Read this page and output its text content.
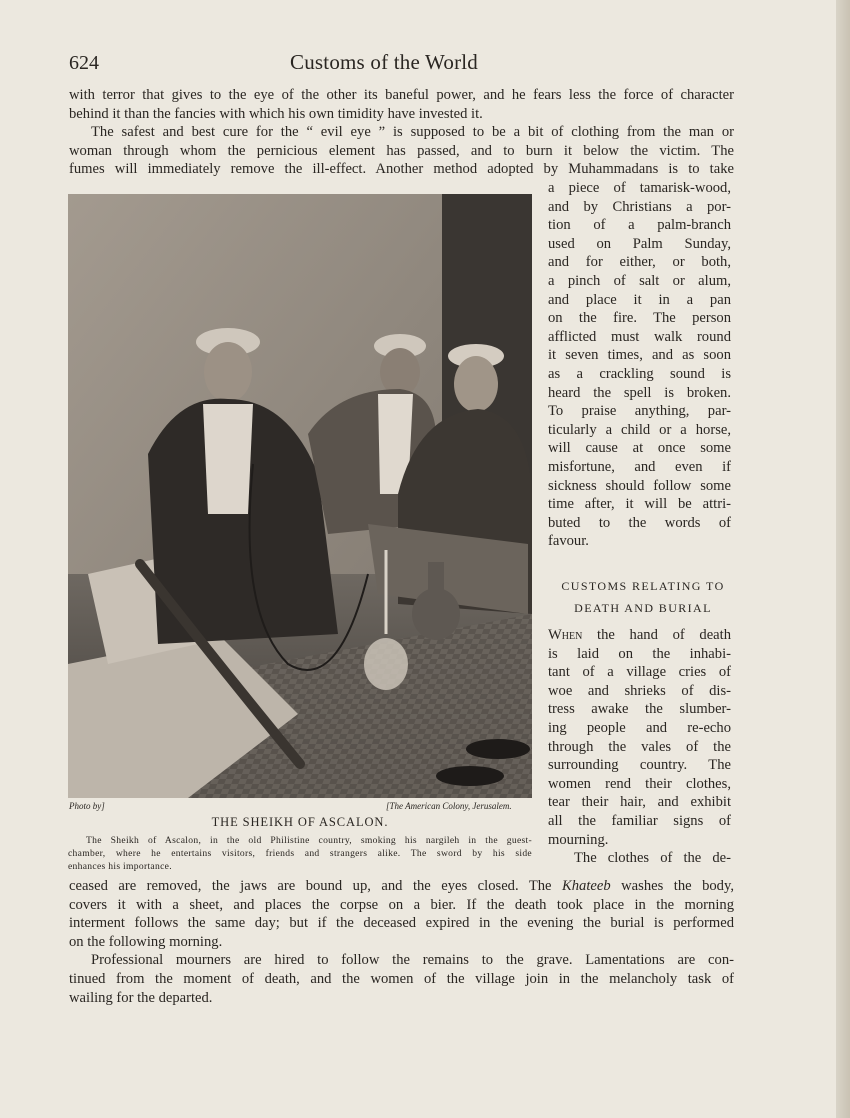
624	Customs of the World
with terror that gives to the eye of the other its baneful power, and he fears less the force of character
behind it than the fancies with which his own timidity have invested it.
The safest and best cure for the “ evil eye ” is supposed to be a bit of clothing from the man or
woman through whom the pernicious element has passed, and to burn it below the victim. The
fumes will immediately remove the ill-effect. Another method adopted by Muhammadans is to take
a piece of tamarisk-wood,
and by Christians a por-
tion of a palm-branch
used on Palm Sunday,
and for either, or both,
a pinch of salt or alum,
and place it in a pan
on the fire. The person
afflicted must walk round
it seven times, and as soon
as a crackling sound is
heard the spell is broken.
To praise anything, par-
ticularly a child or a horse,
will cause at once some
misfortune, and even if
sickness should follow some
time after, it will be attri-
buted to the words of
favour.
CUSTOMS RELATING TO
DEATH AND BURIAL
When the hand of death
is laid on the inhabi-
tant of a village cries of
woe and shrieks of dis-
tress awake the slumber-
ing people and re-echo
through the vales of the
surrounding country. The
women rend their clothes,
tear their hair, and exhibit
all the familiar signs of
mourning.
The clothes of the de-
ceased are removed, the jaws are bound up, and the eyes closed. The Khateeb washes the body,
covers it with a sheet, and places the corpse on a bier. If the death took place in the morning
interment follows the same day; but if the deceased expired in the evening the burial is performed
on the following morning.
Professional mourners are hired to follow the remains to the grave. Lamentations are con-
tinued from the moment of death, and the women of the village join in the melancholy task of
wailing for the departed.
Photo by]	[The American Colony, Jerusalem.
THE SHEIKH OF ASCALON.
The Sheikh of Ascalon, in the old Philistine country, smoking his nargileh in the guest-
chamber, where he entertains visitors, friends and strangers alike. The sword by his side
enhances his importance.
